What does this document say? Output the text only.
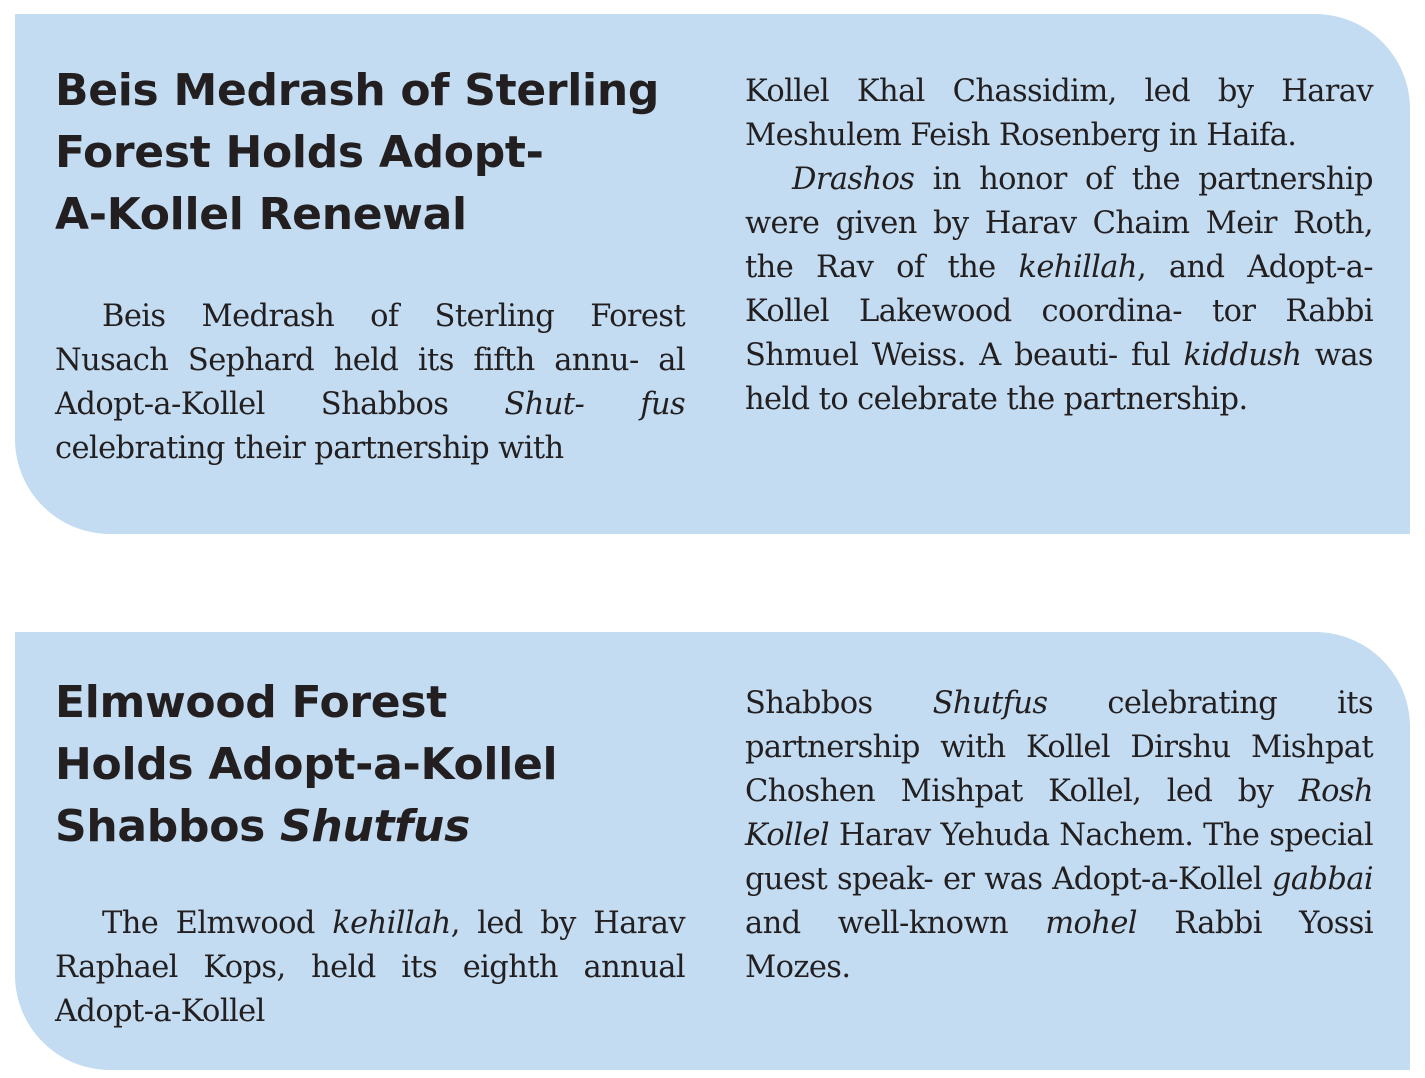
Beis Medrash of Sterling
Forest Holds Adopt-
A-Kollel Renewal

Beis Medrash of Sterling Forest Nusach Sephard held its fifth annu- al Adopt-a-Kollel Shabbos Shut- fus celebrating their partnership with

Kollel Khal Chassidim, led by Harav Meshulem Feish Rosenberg in Haifa.
Drashos in honor of the partnership were given by Harav Chaim Meir Roth, the Rav of the kehillah, and Adopt-a-Kollel Lakewood coordina- tor Rabbi Shmuel Weiss. A beauti- ful kiddush was held to celebrate the partnership.

Elmwood Forest
Holds Adopt-a-Kollel
Shabbos Shutfus

The Elmwood kehillah, led by Harav Raphael Kops, held its eighth annual Adopt-a-Kollel

Shabbos Shutfus celebrating its partnership with Kollel Dirshu Mishpat Choshen Mishpat Kollel, led by Rosh Kollel Harav Yehuda Nachem. The special guest speak- er was Adopt-a-Kollel gabbai and well-known mohel Rabbi Yossi Mozes.
